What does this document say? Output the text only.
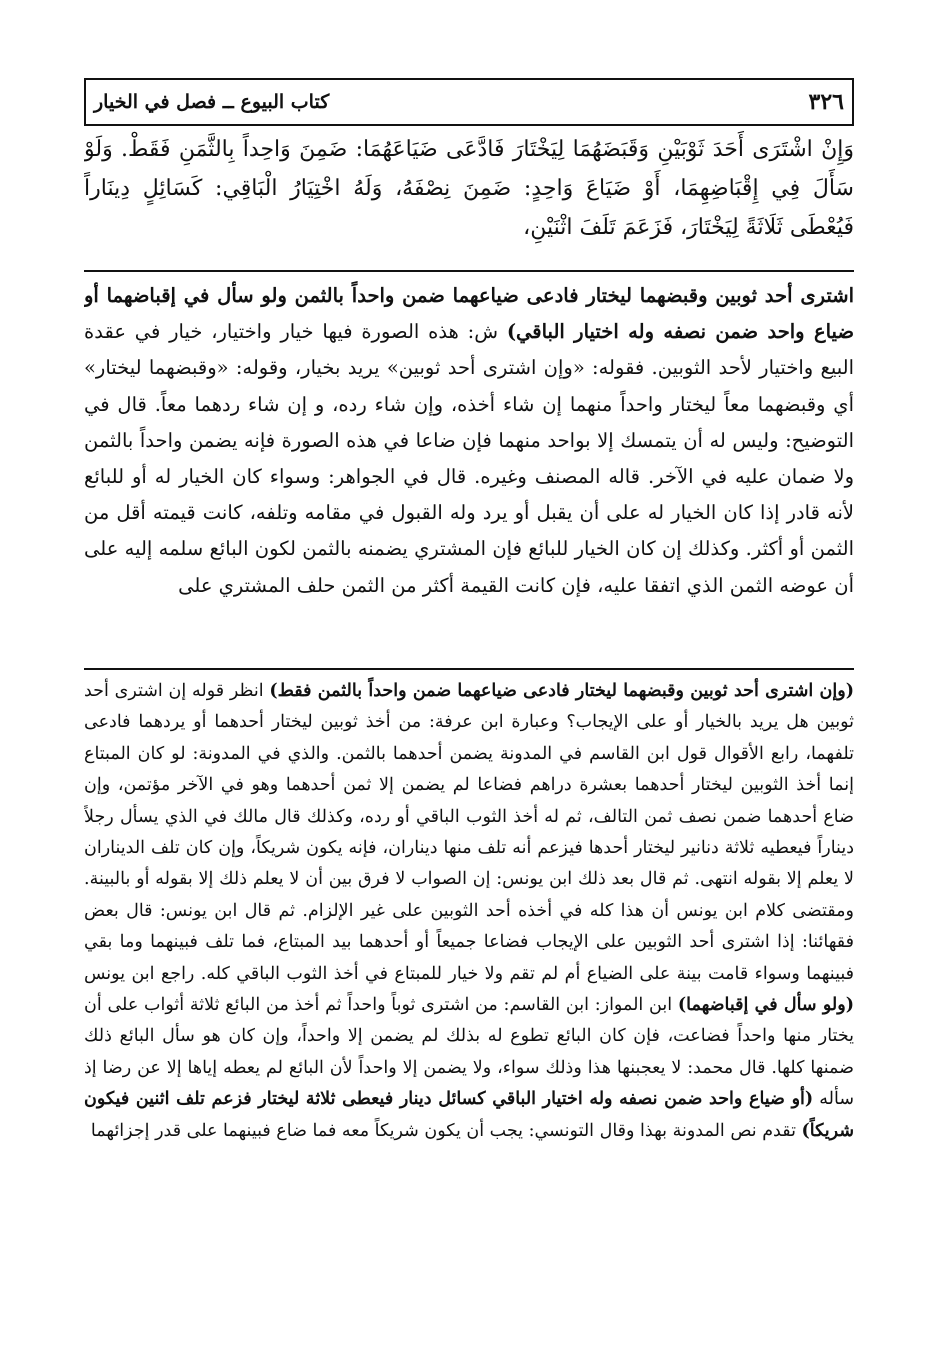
٣٢٦
كتاب البيوع ــ فصل في الخيار
وَإِنْ اشْتَرَى أَحَدَ ثَوْبَيْنِ وَقَبَضَهُمَا لِيَخْتَارَ فَادَّعَى ضَيَاعَهُمَا: ضَمِنَ وَاحِداً بِالثَّمَنِ فَقَطْ. وَلَوْ سَأَلَ فِي إِقْبَاضِهِمَا، أَوْ ضَيَاعَ وَاحِدٍ: ضَمِنَ نِصْفَهُ، وَلَهُ اخْتِيَارُ الْبَاقِي: كَسَائِلٍ دِينَاراً فَيُعْطَى ثَلَاثَةً لِيَخْتَارَ، فَزَعَمَ تَلَفَ اثْنَيْنِ،
اشترى أحد ثوبين وقبضهما ليختار فادعى ضياعهما ضمن واحداً بالثمن ولو سأل في إقباضهما أو ضياع واحد ضمن نصفه وله اختيار الباقي) ش: هذه الصورة فيها خيار واختيار، خيار في عقدة البيع واختيار لأحد الثوبين. فقوله: «وإن اشترى أحد ثوبين» يريد بخيار، وقوله: «وقبضهما ليختار» أي وقبضهما معاً ليختار واحداً منهما إن شاء أخذه، وإن شاء رده، و إن شاء ردهما معاً. قال في التوضيح: وليس له أن يتمسك إلا بواحد منهما فإن ضاعا في هذه الصورة فإنه يضمن واحداً بالثمن ولا ضمان عليه في الآخر. قاله المصنف وغيره. قال في الجواهر: وسواء كان الخيار له أو للبائع لأنه قادر إذا كان الخيار له على أن يقبل أو يرد وله القبول في مقامه وتلفه، كانت قيمته أقل من الثمن أو أكثر. وكذلك إن كان الخيار للبائع فإن المشتري يضمنه بالثمن لكون البائع سلمه إليه على أن عوضه الثمن الذي اتفقا عليه، فإن كانت القيمة أكثر من الثمن حلف المشتري على
(وإن اشترى أحد ثوبين وقبضهما ليختار فادعى ضياعهما ضمن واحداً بالثمن فقط) انظر قوله إن اشترى أحد ثوبين هل يريد بالخيار أو على الإيجاب؟ وعبارة ابن عرفة: من أخذ ثوبين ليختار أحدهما أو يردهما فادعى تلفهما، رابع الأقوال قول ابن القاسم في المدونة يضمن أحدهما بالثمن. والذي في المدونة: لو كان المبتاع إنما أخذ الثوبين ليختار أحدهما بعشرة دراهم فضاعا لم يضمن إلا ثمن أحدهما وهو في الآخر مؤتمن، وإن ضاع أحدهما ضمن نصف ثمن التالف، ثم له أخذ الثوب الباقي أو رده، وكذلك قال مالك في الذي يسأل رجلاً ديناراً فيعطيه ثلاثة دنانير ليختار أحدها فيزعم أنه تلف منها ديناران، فإنه يكون شريكاً، وإن كان تلف الديناران لا يعلم إلا بقوله انتهى. ثم قال بعد ذلك ابن يونس: إن الصواب لا فرق بين أن لا يعلم ذلك إلا بقوله أو بالبينة. ومقتضى كلام ابن يونس أن هذا كله في أخذه أحد الثوبين على غير الإلزام. ثم قال ابن يونس: قال بعض فقهائنا: إذا اشترى أحد الثوبين على الإيجاب فضاعا جميعاً أو أحدهما بيد المبتاع، فما تلف فبينهما وما بقي فبينهما وسواء قامت بينة على الضياع أم لم تقم ولا خيار للمبتاع في أخذ الثوب الباقي كله. راجع ابن يونس (ولو سأل في إقباضهما) ابن المواز: ابن القاسم: من اشترى ثوباً واحداً ثم أخذ من البائع ثلاثة أثواب على أن يختار منها واحداً فضاعت، فإن كان البائع تطوع له بذلك لم يضمن إلا واحداً، وإن كان هو سأل البائع ذلك ضمنها كلها. قال محمد: لا يعجبنها هذا وذلك سواء، ولا يضمن إلا واحداً لأن البائع لم يعطه إياها إلا عن رضا إذ سأله (أو ضياع واحد ضمن نصفه وله اختيار الباقي كسائل دينار فيعطى ثلاثة ليختار فزعم تلف اثنين فيكون شريكاً) تقدم نص المدونة بهذا وقال التونسي: يجب أن يكون شريكاً معه فما ضاع فبينهما على قدر إجزائهما
